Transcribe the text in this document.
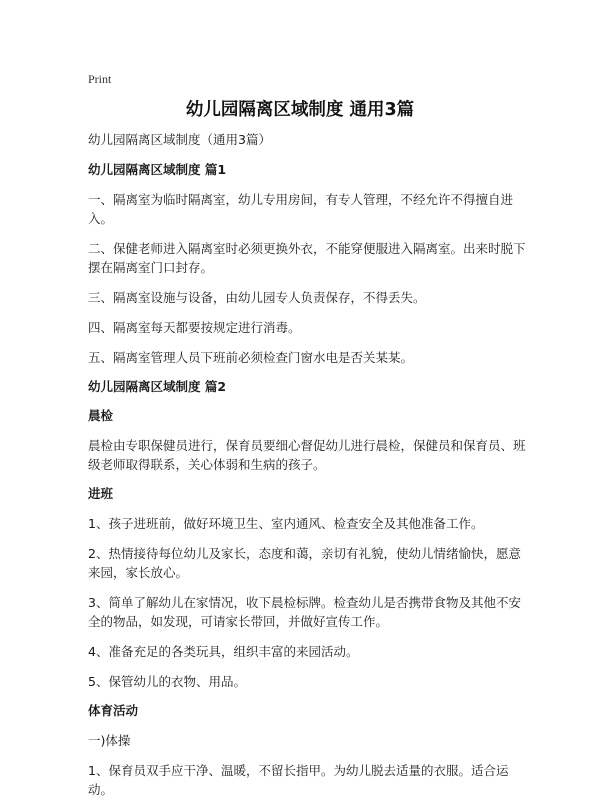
Print
幼儿园隔离区域制度 通用3篇

幼儿园隔离区域制度（通用3篇）

幼儿园隔离区域制度 篇1

一、隔离室为临时隔离室，幼儿专用房间，有专人管理，不经允许不得擅自进入。

二、保健老师进入隔离室时必须更换外衣，不能穿便服进入隔离室。出来时脱下摆在隔离室门口封存。

三、隔离室设施与设备，由幼儿园专人负责保存，不得丢失。

四、隔离室每天都要按规定进行消毒。

五、隔离室管理人员下班前必须检查门窗水电是否关某某。

幼儿园隔离区域制度 篇2

晨检

晨检由专职保健员进行，保育员要细心督促幼儿进行晨检，保健员和保育员、班级老师取得联系，关心体弱和生病的孩子。

进班

1、孩子进班前，做好环境卫生、室内通风、检查安全及其他准备工作。

2、热情接待每位幼儿及家长，态度和蔼，亲切有礼貌，使幼儿情绪愉快，愿意来园，家长放心。

3、简单了解幼儿在家情况，收下晨检标牌。检查幼儿是否携带食物及其他不安全的物品，如发现，可请家长带回，并做好宣传工作。

4、准备充足的各类玩具，组织丰富的来园活动。

5、保管幼儿的衣物、用品。

体育活动

一)体操

1、保育员双手应干净、温暖，不留长指甲。为幼儿脱去适量的衣服。适合运动。
